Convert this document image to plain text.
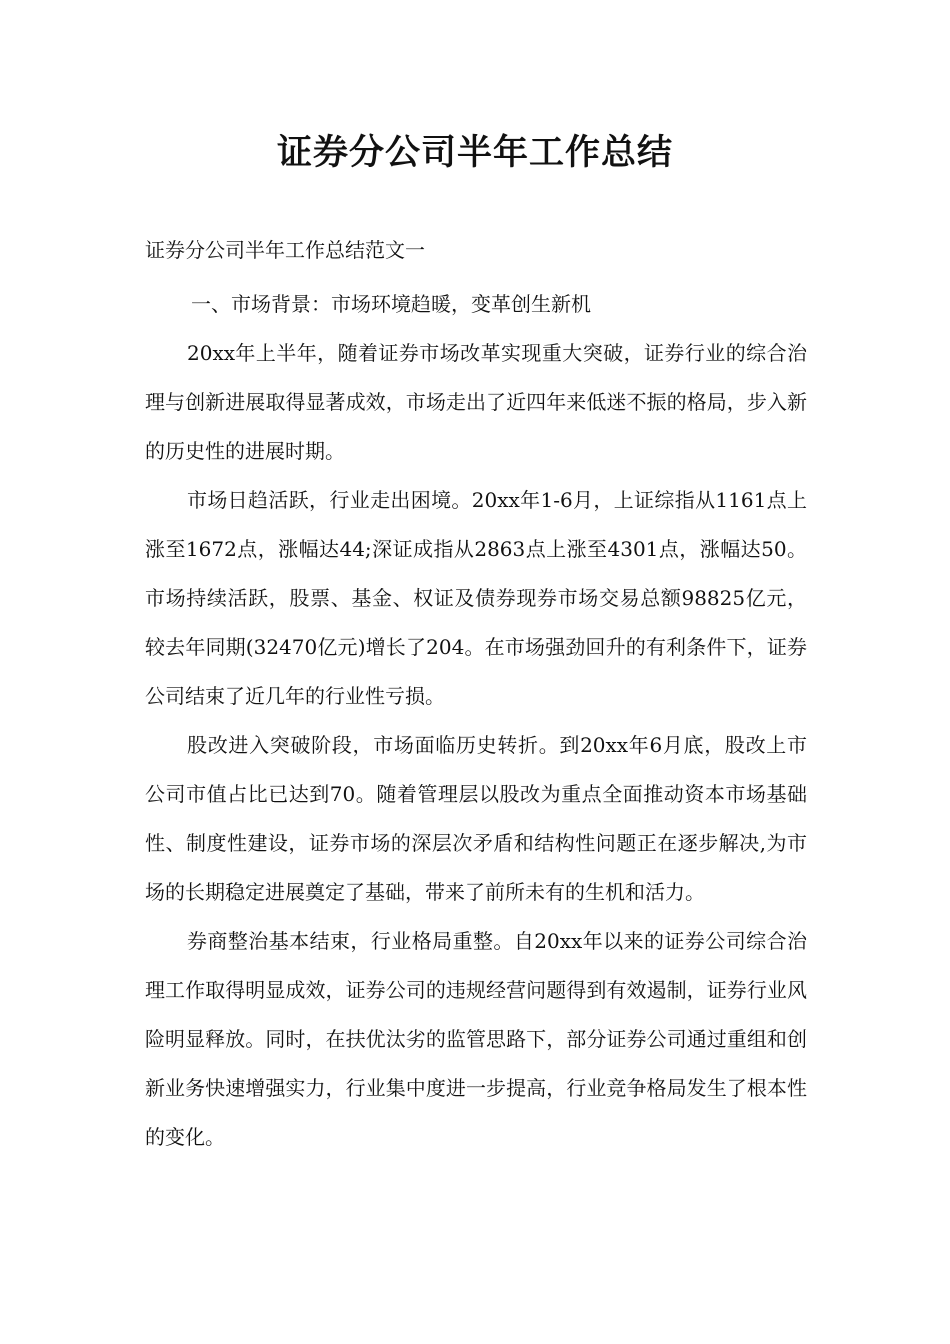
证券分公司半年工作总结
证券分公司半年工作总结范文一

一、市场背景：市场环境趋暖，变革创生新机

20xx年上半年，随着证券市场改革实现重大突破，证券行业的综合治理与创新进展取得显著成效，市场走出了近四年来低迷不振的格局，步入新的历史性的进展时期。

市场日趋活跃，行业走出困境。20xx年1-6月，上证综指从1161点上涨至1672点，涨幅达44;深证成指从2863点上涨至4301点，涨幅达50。市场持续活跃，股票、基金、权证及债券现券市场交易总额98825亿元，较去年同期(32470亿元)增长了204。在市场强劲回升的有利条件下，证券公司结束了近几年的行业性亏损。

股改进入突破阶段，市场面临历史转折。到20xx年6月底，股改上市公司市值占比已达到70。随着管理层以股改为重点全面推动资本市场基础性、制度性建设，证券市场的深层次矛盾和结构性问题正在逐步解决,为市场的长期稳定进展奠定了基础，带来了前所未有的生机和活力。

券商整治基本结束，行业格局重整。自20xx年以来的证券公司综合治理工作取得明显成效，证券公司的违规经营问题得到有效遏制，证券行业风险明显释放。同时，在扶优汰劣的监管思路下，部分证券公司通过重组和创新业务快速增强实力，行业集中度进一步提高，行业竞争格局发生了根本性的变化。
